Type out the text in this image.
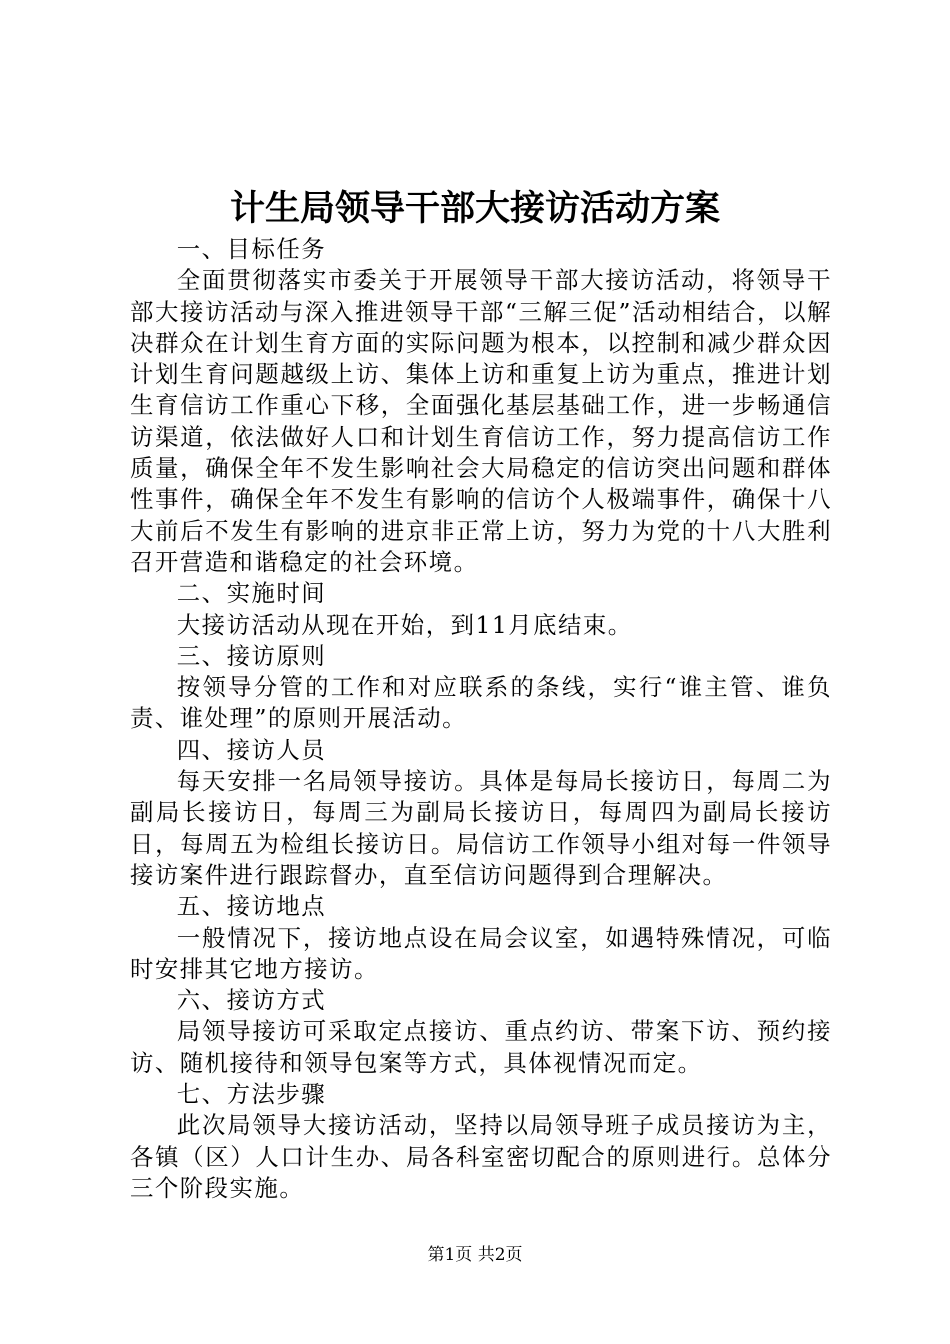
计生局领导干部大接访活动方案

一、目标任务

全面贯彻落实市委关于开展领导干部大接访活动，将领导干部大接访活动与深入推进领导干部“三解三促”活动相结合，以解决群众在计划生育方面的实际问题为根本，以控制和减少群众因计划生育问题越级上访、集体上访和重复上访为重点，推进计划生育信访工作重心下移，全面强化基层基础工作，进一步畅通信访渠道，依法做好人口和计划生育信访工作，努力提高信访工作质量，确保全年不发生影响社会大局稳定的信访突出问题和群体性事件，确保全年不发生有影响的信访个人极端事件，确保十八大前后不发生有影响的进京非正常上访，努力为党的十八大胜利召开营造和谐稳定的社会环境。

二、实施时间

大接访活动从现在开始，到11月底结束。

三、接访原则

按领导分管的工作和对应联系的条线，实行“谁主管、谁负责、谁处理”的原则开展活动。

四、接访人员

每天安排一名局领导接访。具体是每局长接访日，每周二为副局长接访日，每周三为副局长接访日，每周四为副局长接访日，每周五为检组长接访日。局信访工作领导小组对每一件领导接访案件进行跟踪督办，直至信访问题得到合理解决。

五、接访地点

一般情况下，接访地点设在局会议室，如遇特殊情况，可临时安排其它地方接访。

六、接访方式

局领导接访可采取定点接访、重点约访、带案下访、预约接访、随机接待和领导包案等方式，具体视情况而定。

七、方法步骤

此次局领导大接访活动，坚持以局领导班子成员接访为主，各镇（区）人口计生办、局各科室密切配合的原则进行。总体分三个阶段实施。

第1页 共2页
